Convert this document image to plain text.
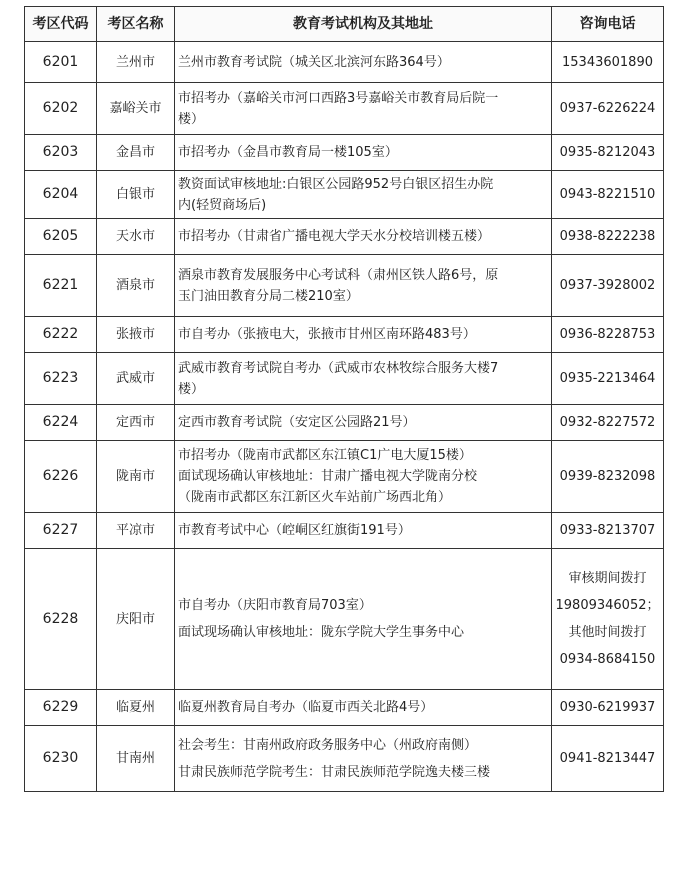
考区代码	考区名称	教育考试机构及其地址	咨询电话
6201	兰州市	兰州市教育考试院（城关区北滨河东路364号）	15343601890

6202	嘉峪关市	市招考办（嘉峪关市河口西路3号嘉峪关市教育局后院一
楼）	0937-6226224

6203	金昌市	市招考办（金昌市教育局一楼105室）	0935-8212043

6204	白银市	教资面试审核地址:白银区公园路952号白银区招生办院
内(轻贸商场后)	0943-8221510

6205	天水市	市招考办（甘肃省广播电视大学天水分校培训楼五楼）	0938-8222238

6221	酒泉市	酒泉市教育发展服务中心考试科（肃州区铁人路6号，原
玉门油田教育分局二楼210室）	0937-3928002

6222	张掖市	市自考办（张掖电大，张掖市甘州区南环路483号）	0936-8228753

6223	武威市	武威市教育考试院自考办（武威市农林牧综合服务大楼7
楼）	0935-2213464

6224	定西市	定西市教育考试院（安定区公园路21号）	0932-8227572

6226	陇南市	市招考办（陇南市武都区东江镇C1广电大厦15楼）
面试现场确认审核地址：甘肃广播电视大学陇南分校
（陇南市武都区东江新区火车站前广场西北角）	0939-8232098

6227	平凉市	市教育考试中心（崆峒区红旗街191号）	0933-8213707

6228	庆阳市	市自考办（庆阳市教育局703室）
面试现场确认审核地址：陇东学院大学生事务中心	审核期间拨打
19809346052；
其他时间拨打
0934-8684150

6229	临夏州	临夏州教育局自考办（临夏市西关北路4号）	0930-6219937

6230	甘南州	社会考生：甘南州政府政务服务中心（州政府南侧）
甘肃民族师范学院考生：甘肃民族师范学院逸夫楼三楼	0941-8213447
